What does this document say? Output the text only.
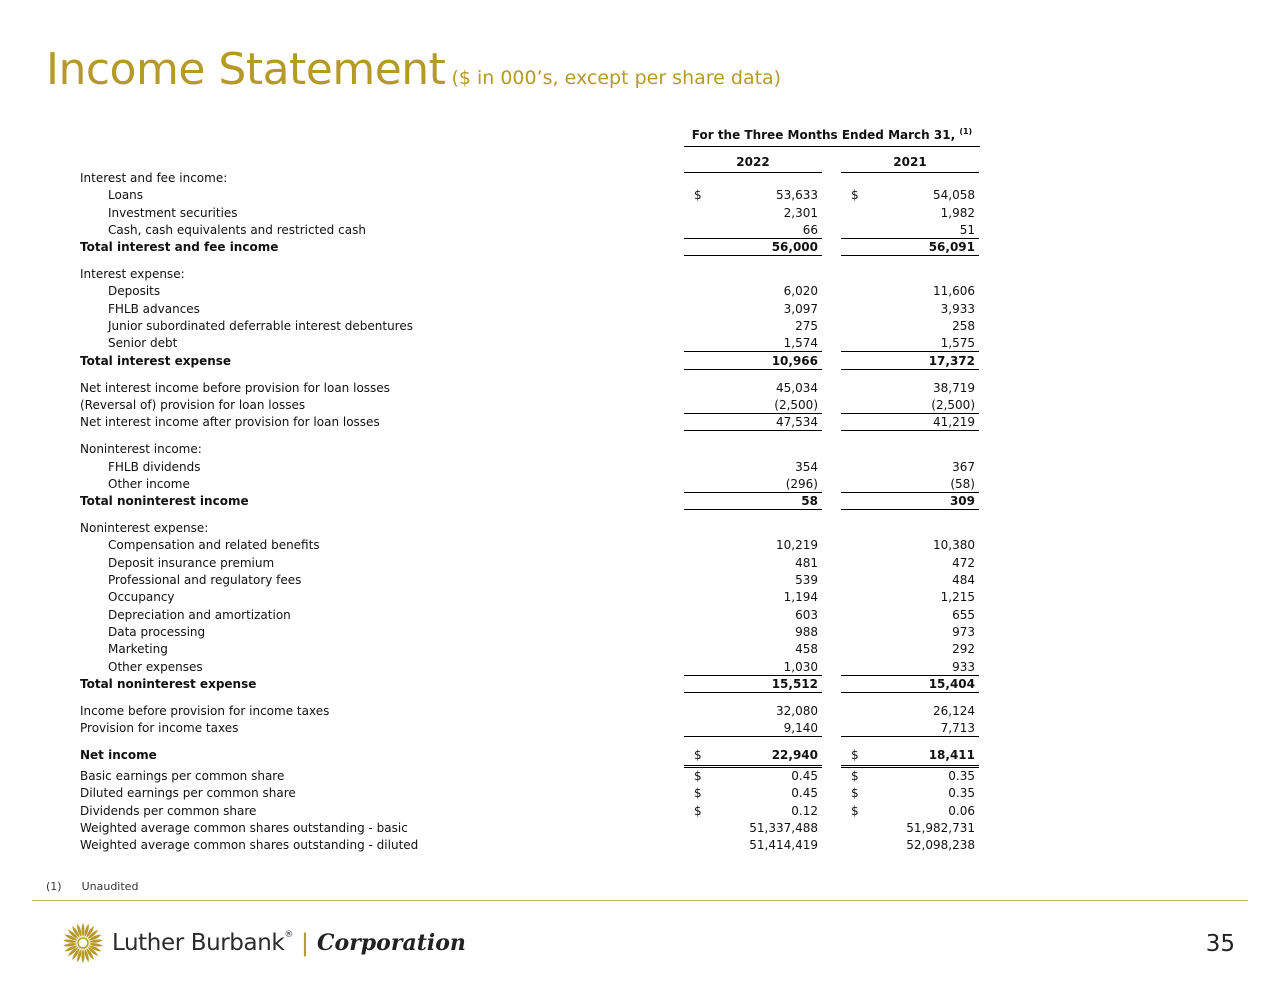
Income Statement ($ in 000’s, except per share data)
For the Three Months Ended March 31, $^{(1)}$
2022	2021
Interest and fee income:
Loans	$	53,633	$	54,058
Investment securities	2,301	1,982
Cash, cash equivalents and restricted cash	66	51
Total interest and fee income	56,000	56,091
Interest expense:
Deposits	6,020	11,606
FHLB advances	3,097	3,933
Junior subordinated deferrable interest debentures	275	258
Senior debt	1,574	1,575
Total interest expense	10,966	17,372
Net interest income before provision for loan losses	45,034	38,719
(Reversal of) provision for loan losses	(2,500)	(2,500)
Net interest income after provision for loan losses	47,534	41,219
Noninterest income:
FHLB dividends	354	367
Other income	(296)	(58)
Total noninterest income	58	309
Noninterest expense:
Compensation and related benefits	10,219	10,380
Deposit insurance premium	481	472
Professional and regulatory fees	539	484
Occupancy	1,194	1,215
Depreciation and amortization	603	655
Data processing	988	973
Marketing	458	292
Other expenses	1,030	933
Total noninterest expense	15,512	15,404
Income before provision for income taxes	32,080	26,124
Provision for income taxes	9,140	7,713
Net income	$	22,940	$	18,411
Basic earnings per common share	$	0.45	$	0.35
Diluted earnings per common share	$	0.45	$	0.35
Dividends per common share	$	0.12	$	0.06
Weighted average common shares outstanding - basic	51,337,488	51,982,731
Weighted average common shares outstanding - diluted	51,414,419	52,098,238
(1) Unaudited
Luther Burbank® | Corporation	35
